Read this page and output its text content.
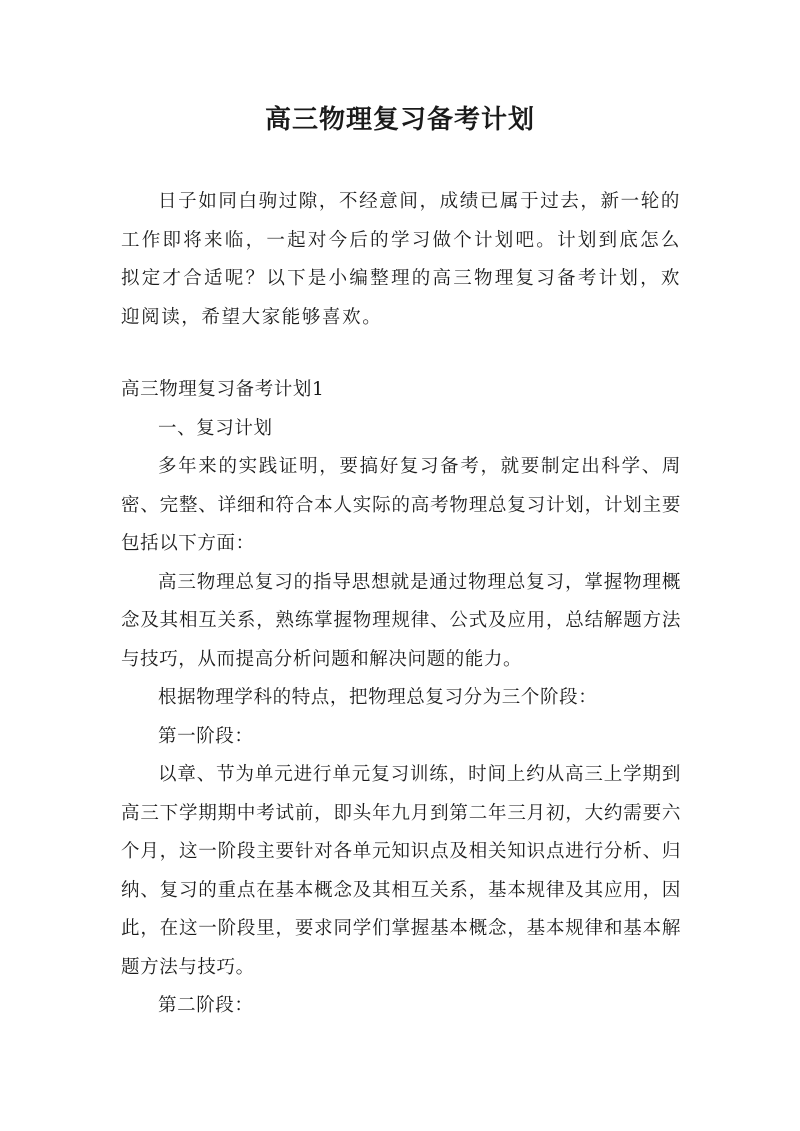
高三物理复习备考计划

日子如同白驹过隙，不经意间，成绩已属于过去，新一轮的工作即将来临，一起对今后的学习做个计划吧。计划到底怎么拟定才合适呢？以下是小编整理的高三物理复习备考计划，欢迎阅读，希望大家能够喜欢。

高三物理复习备考计划1

一、复习计划

多年来的实践证明，要搞好复习备考，就要制定出科学、周密、完整、详细和符合本人实际的高考物理总复习计划，计划主要包括以下方面：

高三物理总复习的指导思想就是通过物理总复习，掌握物理概念及其相互关系，熟练掌握物理规律、公式及应用，总结解题方法与技巧，从而提高分析问题和解决问题的能力。

根据物理学科的特点，把物理总复习分为三个阶段：

第一阶段：

以章、节为单元进行单元复习训练，时间上约从高三上学期到高三下学期期中考试前，即头年九月到第二年三月初，大约需要六个月，这一阶段主要针对各单元知识点及相关知识点进行分析、归纳、复习的重点在基本概念及其相互关系，基本规律及其应用，因此，在这一阶段里，要求同学们掌握基本概念，基本规律和基本解题方法与技巧。

第二阶段：
